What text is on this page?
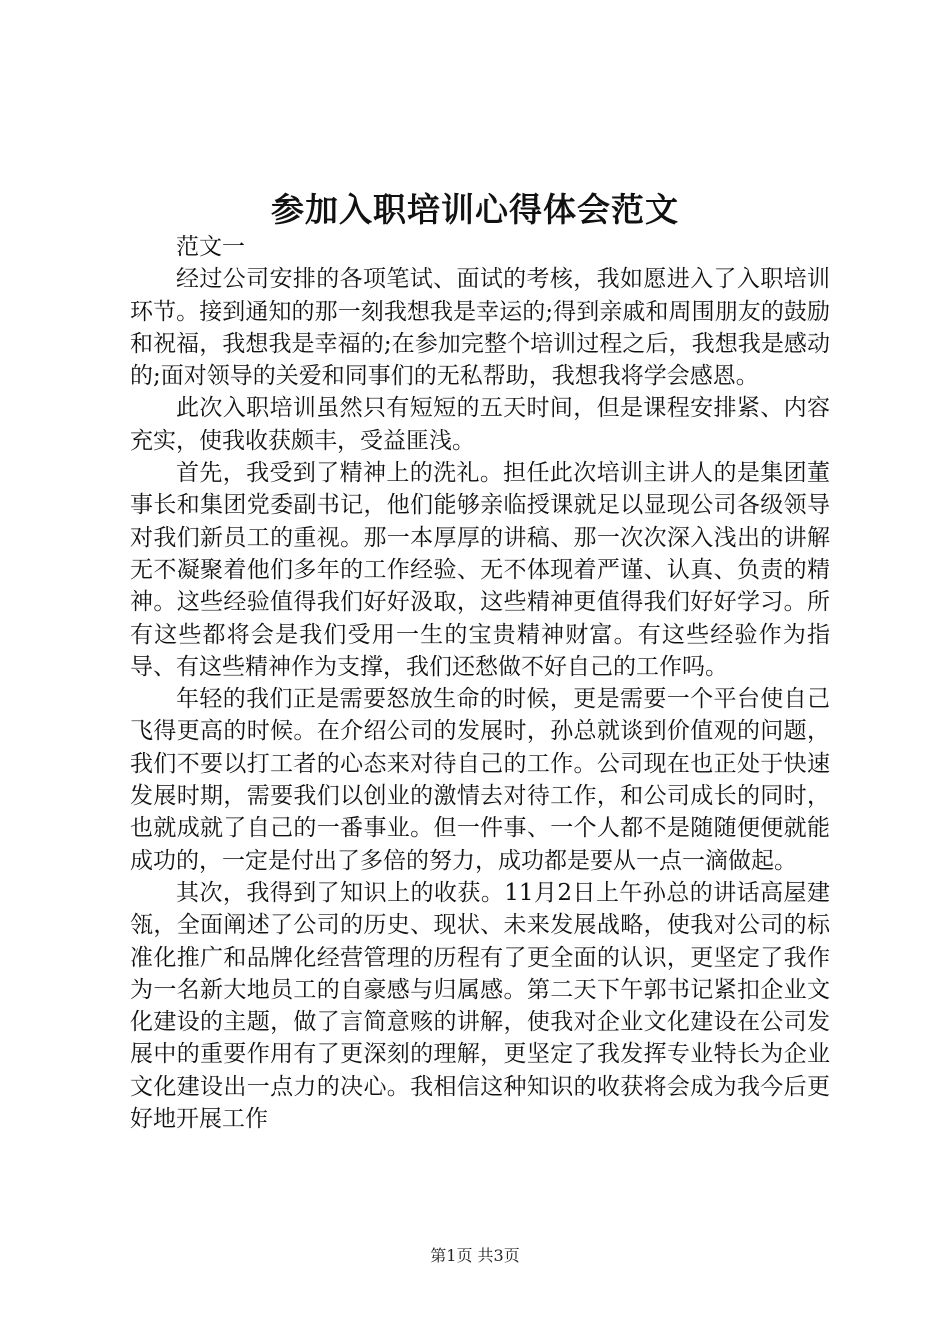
参加入职培训心得体会范文

范文一

经过公司安排的各项笔试、面试的考核，我如愿进入了入职培训环节。接到通知的那一刻我想我是幸运的;得到亲戚和周围朋友的鼓励和祝福，我想我是幸福的;在参加完整个培训过程之后，我想我是感动的;面对领导的关爱和同事们的无私帮助，我想我将学会感恩。

此次入职培训虽然只有短短的五天时间，但是课程安排紧、内容充实，使我收获颇丰，受益匪浅。

首先，我受到了精神上的洗礼。担任此次培训主讲人的是集团董事长和集团党委副书记，他们能够亲临授课就足以显现公司各级领导对我们新员工的重视。那一本厚厚的讲稿、那一次次深入浅出的讲解无不凝聚着他们多年的工作经验、无不体现着严谨、认真、负责的精神。这些经验值得我们好好汲取，这些精神更值得我们好好学习。所有这些都将会是我们受用一生的宝贵精神财富。有这些经验作为指导、有这些精神作为支撑，我们还愁做不好自己的工作吗。

年轻的我们正是需要怒放生命的时候，更是需要一个平台使自己飞得更高的时候。在介绍公司的发展时，孙总就谈到价值观的问题，我们不要以打工者的心态来对待自己的工作。公司现在也正处于快速发展时期，需要我们以创业的激情去对待工作，和公司成长的同时，也就成就了自己的一番事业。但一件事、一个人都不是随随便便就能成功的，一定是付出了多倍的努力，成功都是要从一点一滴做起。

其次，我得到了知识上的收获。11月2日上午孙总的讲话高屋建瓴，全面阐述了公司的历史、现状、未来发展战略，使我对公司的标准化推广和品牌化经营管理的历程有了更全面的认识，更坚定了我作为一名新大地员工的自豪感与归属感。第二天下午郭书记紧扣企业文化建设的主题，做了言简意赅的讲解，使我对企业文化建设在公司发展中的重要作用有了更深刻的理解，更坚定了我发挥专业特长为企业文化建设出一点力的决心。我相信这种知识的收获将会成为我今后更好地开展工作

第1页 共3页
